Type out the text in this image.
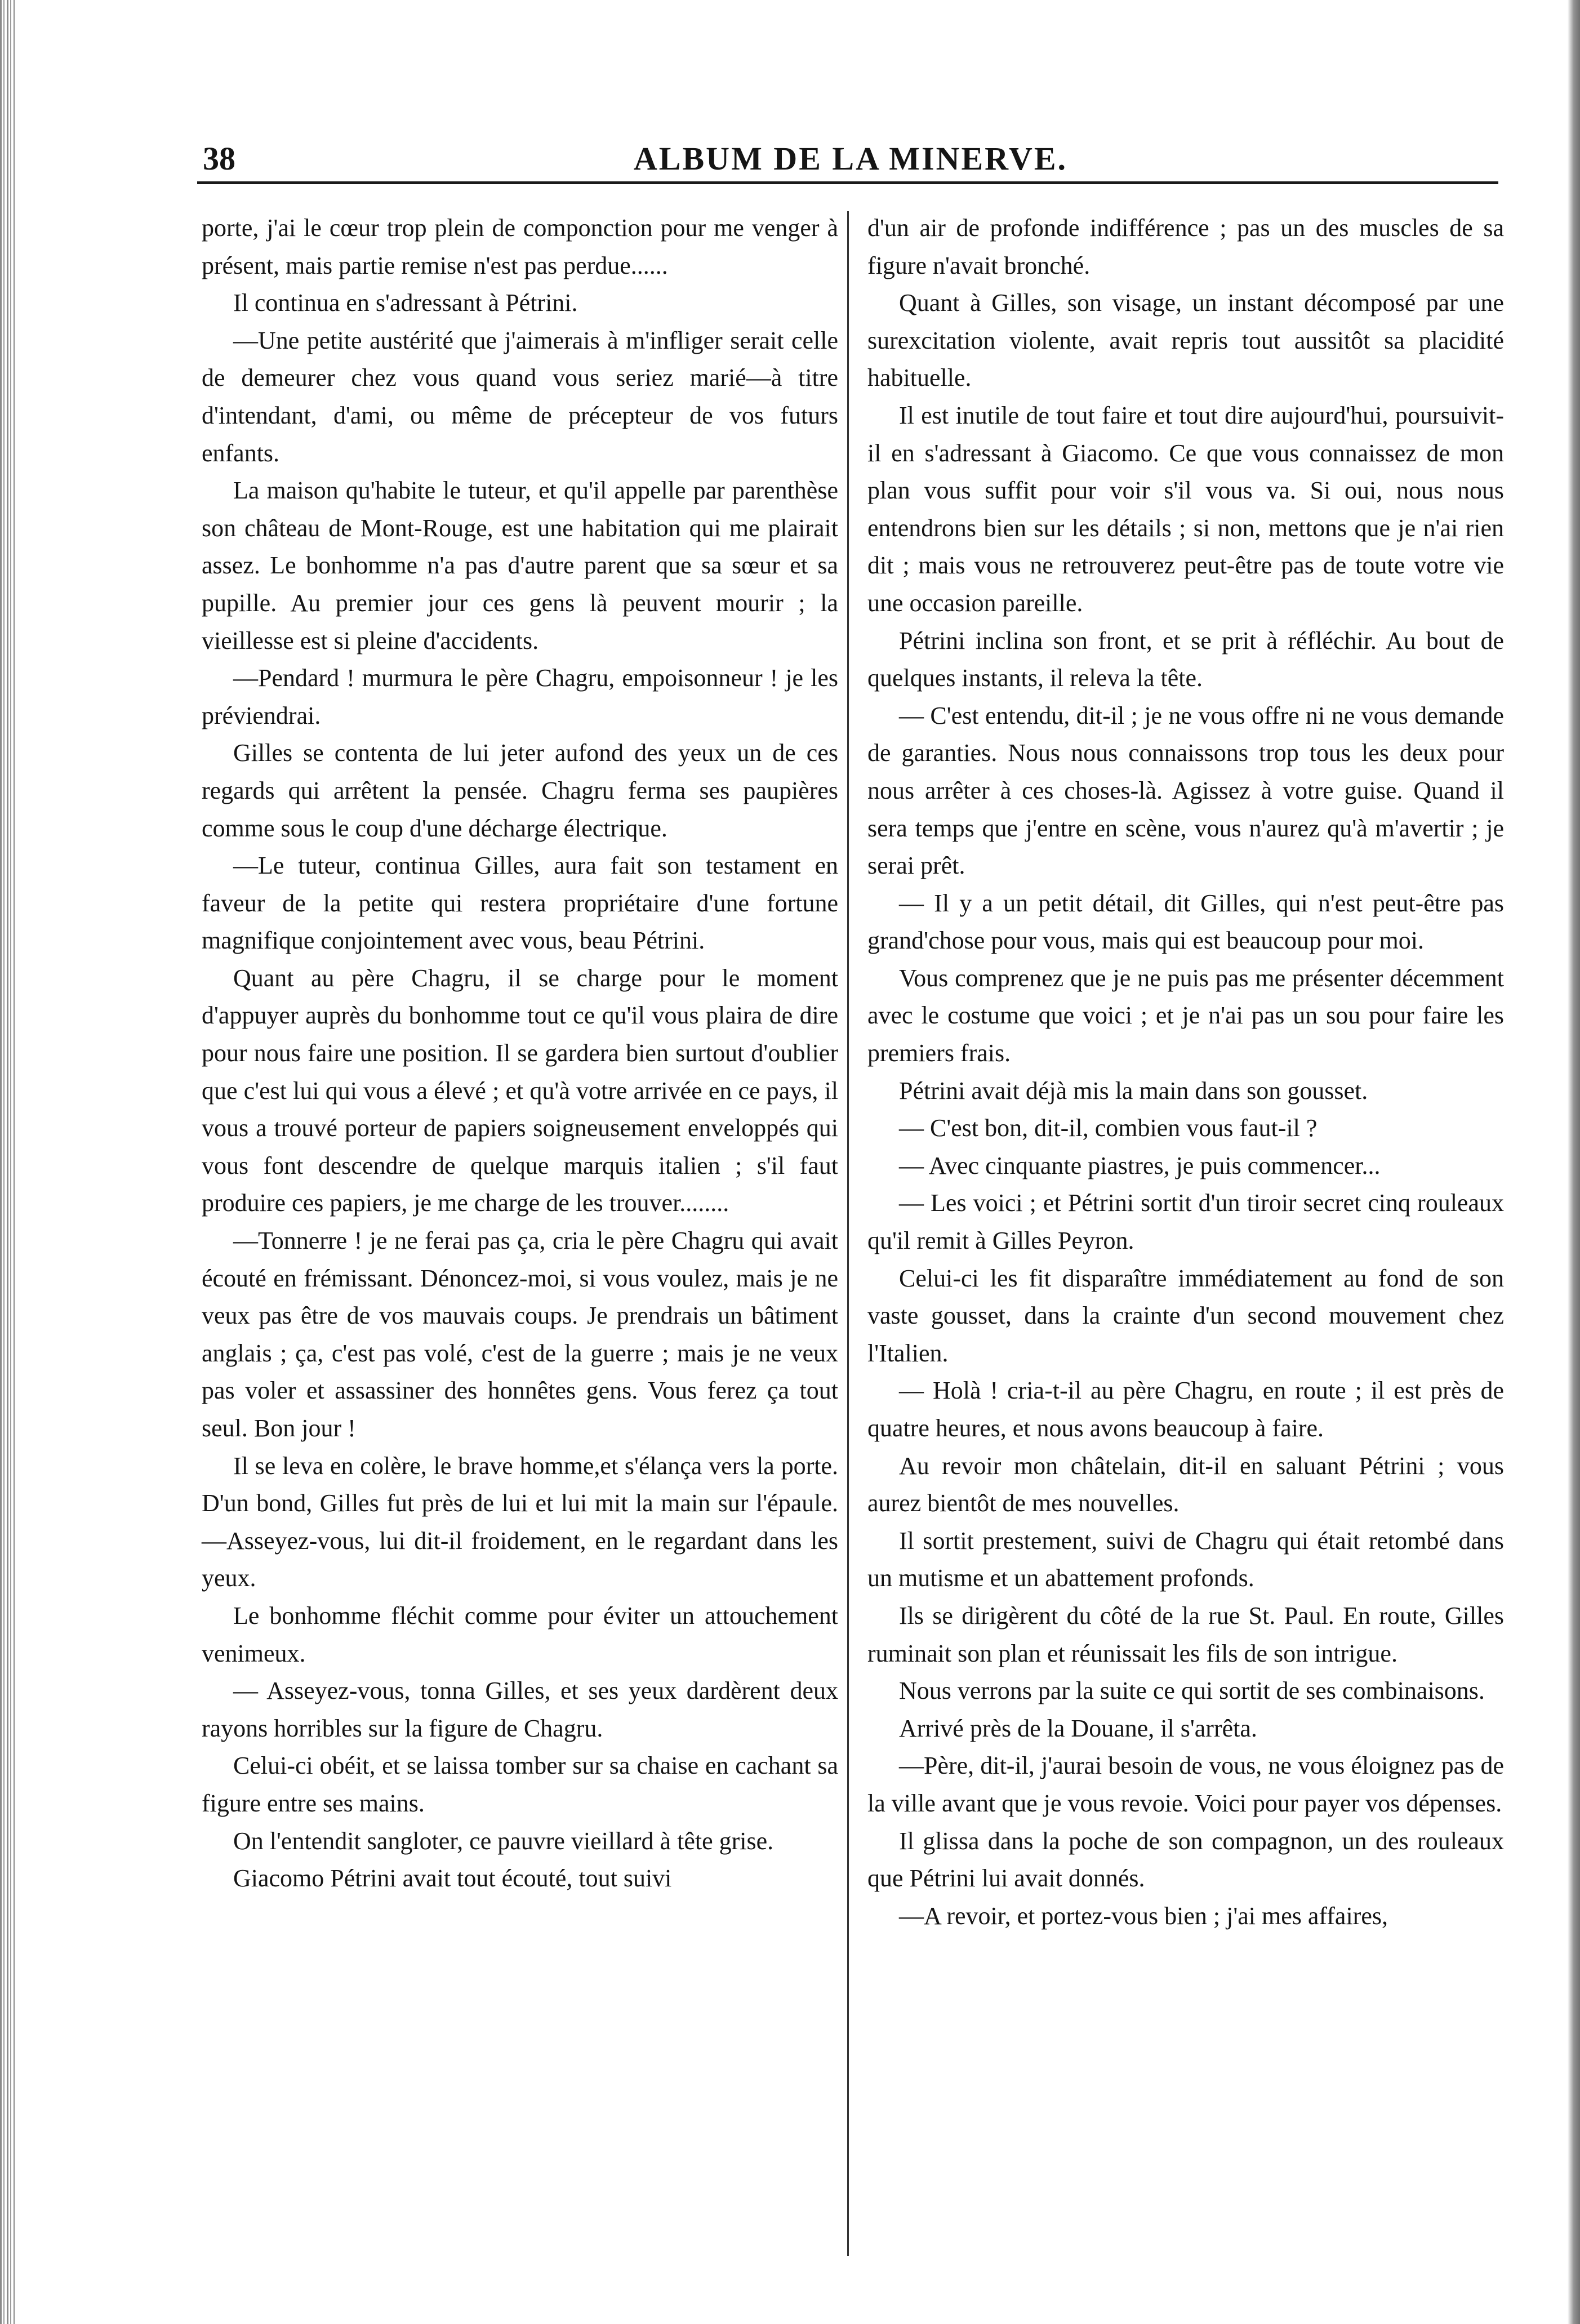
38	ALBUM DE LA MINERVE.

porte, j'ai le cœur trop plein de componction pour me venger à présent, mais partie remise n'est pas perdue......

Il continua en s'adressant à Pétrini.

—Une petite austérité que j'aimerais à m'infliger serait celle de demeurer chez vous quand vous seriez marié—à titre d'intendant, d'ami, ou même de précepteur de vos futurs enfants.

La maison qu'habite le tuteur, et qu'il appelle par parenthèse son château de Mont-Rouge, est une habitation qui me plairait assez. Le bonhomme n'a pas d'autre parent que sa sœur et sa pupille. Au premier jour ces gens là peuvent mourir ; la vieillesse est si pleine d'accidents.

—Pendard ! murmura le père Chagru, empoisonneur ! je les préviendrai.

Gilles se contenta de lui jeter aufond des yeux un de ces regards qui arrêtent la pensée. Chagru ferma ses paupières comme sous le coup d'une décharge électrique.

—Le tuteur, continua Gilles, aura fait son testament en faveur de la petite qui restera propriétaire d'une fortune magnifique conjointement avec vous, beau Pétrini.

Quant au père Chagru, il se charge pour le moment d'appuyer auprès du bonhomme tout ce qu'il vous plaira de dire pour nous faire une position. Il se gardera bien surtout d'oublier que c'est lui qui vous a élevé ; et qu'à votre arrivée en ce pays, il vous a trouvé porteur de papiers soigneusement enveloppés qui vous font descendre de quelque marquis italien ; s'il faut produire ces papiers, je me charge de les trouver........

—Tonnerre ! je ne ferai pas ça, cria le père Chagru qui avait écouté en frémissant. Dénoncez-moi, si vous voulez, mais je ne veux pas être de vos mauvais coups. Je prendrais un bâtiment anglais ; ça, c'est pas volé, c'est de la guerre ; mais je ne veux pas voler et assassiner des honnêtes gens. Vous ferez ça tout seul. Bon jour !

Il se leva en colère, le brave homme,et s'élança vers la porte. D'un bond, Gilles fut près de lui et lui mit la main sur l'épaule.—Asseyez-vous, lui dit-il froidement, en le regardant dans les yeux.

Le bonhomme fléchit comme pour éviter un attouchement venimeux.

— Asseyez-vous, tonna Gilles, et ses yeux dardèrent deux rayons horribles sur la figure de Chagru.

Celui-ci obéit, et se laissa tomber sur sa chaise en cachant sa figure entre ses mains.

On l'entendit sangloter, ce pauvre vieillard à tête grise.

Giacomo Pétrini avait tout écouté, tout suivi

d'un air de profonde indifférence ; pas un des muscles de sa figure n'avait bronché.

Quant à Gilles, son visage, un instant décomposé par une surexcitation violente, avait repris tout aussitôt sa placidité habituelle.

Il est inutile de tout faire et tout dire aujourd'hui, poursuivit-il en s'adressant à Giacomo. Ce que vous connaissez de mon plan vous suffit pour voir s'il vous va. Si oui, nous nous entendrons bien sur les détails ; si non, mettons que je n'ai rien dit ; mais vous ne retrouverez peut-être pas de toute votre vie une occasion pareille.

Pétrini inclina son front, et se prit à réfléchir. Au bout de quelques instants, il releva la tête.

— C'est entendu, dit-il ; je ne vous offre ni ne vous demande de garanties. Nous nous connaissons trop tous les deux pour nous arrêter à ces choses-là. Agissez à votre guise. Quand il sera temps que j'entre en scène, vous n'aurez qu'à m'avertir ; je serai prêt.

— Il y a un petit détail, dit Gilles, qui n'est peut-être pas grand'chose pour vous, mais qui est beaucoup pour moi.

Vous comprenez que je ne puis pas me présenter décemment avec le costume que voici ; et je n'ai pas un sou pour faire les premiers frais.

Pétrini avait déjà mis la main dans son gousset.

— C'est bon, dit-il, combien vous faut-il ?

— Avec cinquante piastres, je puis commencer...

— Les voici ; et Pétrini sortit d'un tiroir secret cinq rouleaux qu'il remit à Gilles Peyron.

Celui-ci les fit disparaître immédiatement au fond de son vaste gousset, dans la crainte d'un second mouvement chez l'Italien.

— Holà ! cria-t-il au père Chagru, en route ; il est près de quatre heures, et nous avons beaucoup à faire.

Au revoir mon châtelain, dit-il en saluant Pétrini ; vous aurez bientôt de mes nouvelles.

Il sortit prestement, suivi de Chagru qui était retombé dans un mutisme et un abattement profonds.

Ils se dirigèrent du côté de la rue St. Paul. En route, Gilles ruminait son plan et réunissait les fils de son intrigue.

Nous verrons par la suite ce qui sortit de ses combinaisons.

Arrivé près de la Douane, il s'arrêta.

—Père, dit-il, j'aurai besoin de vous, ne vous éloignez pas de la ville avant que je vous revoie. Voici pour payer vos dépenses.

Il glissa dans la poche de son compagnon, un des rouleaux que Pétrini lui avait donnés.

—A revoir, et portez-vous bien ; j'ai mes affaires,
